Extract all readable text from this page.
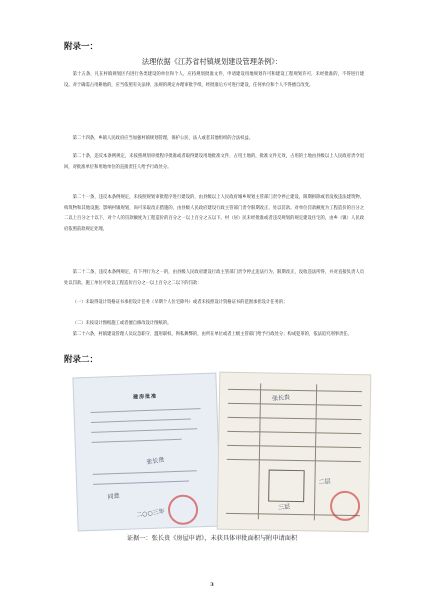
附录一：
法理依据《江苏省村镇规划建设管理条例》：

第十五条，凡在村镇规划区内进行各类建设的单位和个人，应持规划批准文件，申请建设用地规划许可和建设工程规划许可，未经批准的，不得进行建设。对于确需占用耕地的，应当依照有关法律、法规的规定办理审批手续，经批准后方可进行建设，任何单位和个人不得擅自改变。

第二十四条，乡镇人民政府应当加强村镇规划管理，保护公民、法人或者其他组织的合法权益。

第二十条，违反本条例规定，未按照规划审批程序批准或者取得建设用地批准文件，占用土地的，批准文件无效，占用的土地由县级以上人民政府责令退回，对批准单位和用地单位的直接责任人给予行政处分。

第二十一条，违反本条例规定，未按照规划审批程序进行建设的，由县级以上人民政府城乡规划主管部门责令停止建设，限期拆除或者没收违法建筑物，构筑物和其他设施；影响村镇规划，尚可采取改正措施的，由县级人民政府建设行政主管部门责令限期改正，处以罚款。对单位罚款额度为工程造价的百分之二以上百分之十以下，对个人的罚款额度为工程造价的百分之一以上百分之五以下。村（居）民未经批准或者违反规划的规定建设住宅的，由乡（镇）人民政府依照前款规定处理。

第二十二条，违反本条例规定，有下列行为之一的，由县级人民政府建设行政主管部门责令停止违法行为，限期改正，没收违法所得，并对直接负责人员处以罚款。施工单位可处以工程造价百分之一以上百分之二以下的罚款：

（一）未取得设计资格证书承担设计任务（早期个人住宅除外）或者未按照设计资格证书的范围承担设计任务的；

（二）未按设计图纸施工或者擅自修改设计图纸的。

第二十六条，村镇建设管理人员玩忽职守、滥用职权、徇私舞弊的，由所在单位或者上级主管部门给予行政处分；构成犯罪的，依法追究刑事责任。

附录二：
建房批准
张长贵
同意
二○○三年
张长贵
二层
三层
证据一：张长贵《房屋申请》，未获具体审批面积与附申请面积
3
